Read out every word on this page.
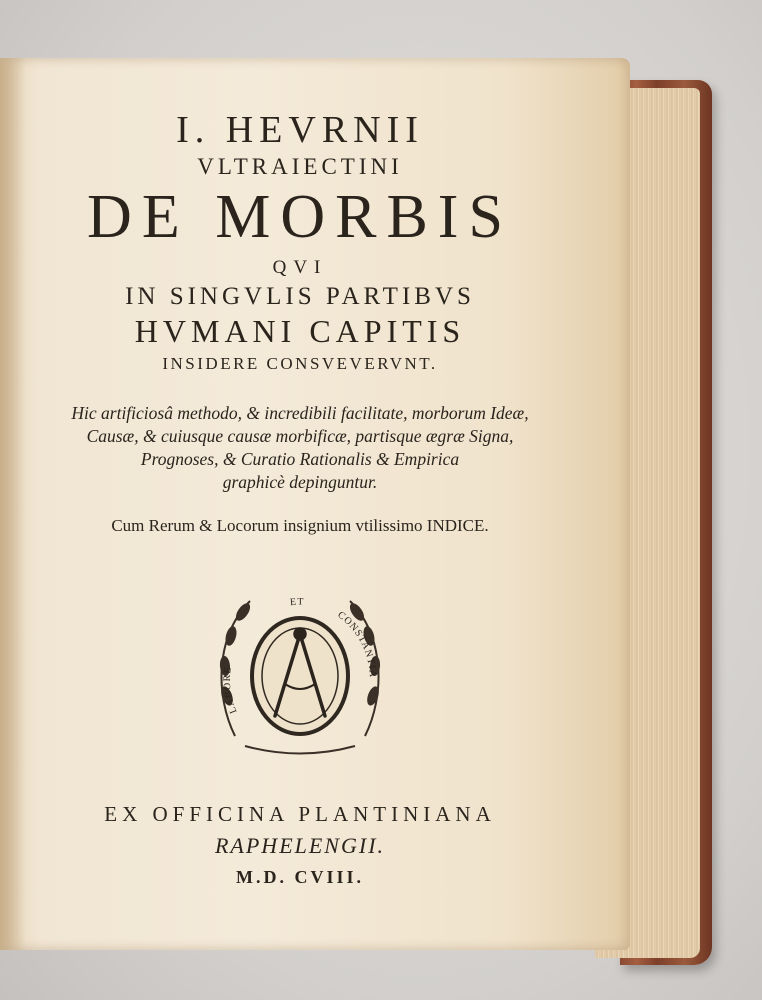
I. HEVRNII
VLTRAIECTINI
DE MORBIS
QVI
IN SINGVLIS PARTIBVS
HVMANI CAPITIS
INSIDERE CONSVEVERVNT.
Hic artificiosâ methodo, & incredibili facilitate, morborum Ideæ,
Causæ, & cuiusque causæ morbificæ, partisque ægræ Signa,
Prognoses, & Curatio Rationalis & Empirica
graphicè depinguntur.
Cum Rerum & Locorum insignium vtilissimo INDICE.
LABORE
ET
CONSTANTIA
EX OFFICINA PLANTINIANA
RAPHELENGII.
M.D. CVIII.
